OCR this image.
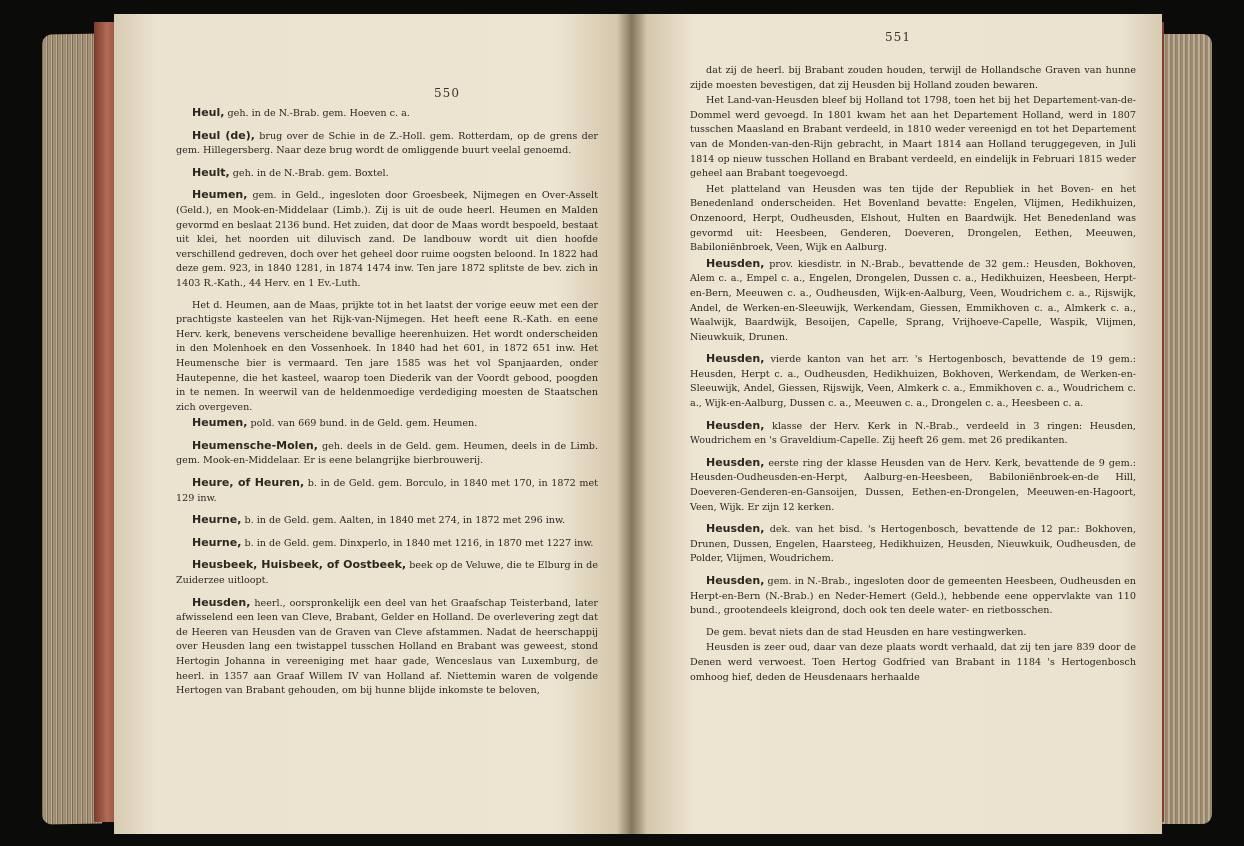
550

Heul, geh. in de N.-Brab. gem. Hoeven c. a.

Heul (de), brug over de Schie in de Z.-Holl. gem. Rotterdam, op de grens der gem. Hillegersberg. Naar deze brug wordt de omliggende buurt veelal genoemd.

Heult, geh. in de N.-Brab. gem. Boxtel.

Heumen, gem. in Geld., ingesloten door Groesbeek, Nijmegen en Over-Asselt (Geld.), en Mook-en-Middelaar (Limb.). Zij is uit de oude heerl. Heumen en Malden gevormd en beslaat 2136 bund. Het zuiden, dat door de Maas wordt bespoeld, bestaat uit klei, het noorden uit diluvisch zand. De landbouw wordt uit dien hoofde verschillend gedreven, doch over het geheel door ruime oogsten beloond. In 1822 had deze gem. 923, in 1840 1281, in 1874 1474 inw. Ten jare 1872 splitste de bev. zich in 1403 R.-Kath., 44 Herv. en 1 Ev.-Luth.

Het d. Heumen, aan de Maas, prijkte tot in het laatst der vorige eeuw met een der prachtigste kasteelen van het Rijk-van-Nijmegen. Het heeft eene R.-Kath. en eene Herv. kerk, benevens verscheidene bevallige heerenhuizen. Het wordt onderscheiden in den Molenhoek en den Vossenhoek. In 1840 had het 601, in 1872 651 inw. Het Heumensche bier is vermaard. Ten jare 1585 was het vol Spanjaarden, onder Hautepenne, die het kasteel, waarop toen Diederik van der Voordt gebood, poogden in te nemen. In weerwil van de heldenmoedige verdediging moesten de Staatschen zich overgeven.

Heumen, pold. van 669 bund. in de Geld. gem. Heumen.

Heumensche-Molen, geh. deels in de Geld. gem. Heumen, deels in de Limb. gem. Mook-en-Middelaar. Er is eene belangrijke bierbrouwerij.

Heure, of Heuren, b. in de Geld. gem. Borculo, in 1840 met 170, in 1872 met 129 inw.

Heurne, b. in de Geld. gem. Aalten, in 1840 met 274, in 1872 met 296 inw.

Heurne, b. in de Geld. gem. Dinxperlo, in 1840 met 1216, in 1870 met 1227 inw.

Heusbeek, Huisbeek, of Oostbeek, beek op de Veluwe, die te Elburg in de Zuiderzee uitloopt.

Heusden, heerl., oorspronkelijk een deel van het Graafschap Teisterband, later afwisselend een leen van Cleve, Brabant, Gelder en Holland. De overlevering zegt dat de Heeren van Heusden van de Graven van Cleve afstammen. Nadat de heerschappij over Heusden lang een twistappel tusschen Holland en Brabant was geweest, stond Hertogin Johanna in vereeniging met haar gade, Wenceslaus van Luxemburg, de heerl. in 1357 aan Graaf Willem IV van Holland af. Niettemin waren de volgende Hertogen van Brabant gehouden, om bij hunne blijde inkomste te beloven,

551

dat zij de heerl. bij Brabant zouden houden, terwijl de Hollandsche Graven van hunne zijde moesten bevestigen, dat zij Heusden bij Holland zouden bewaren.

Het Land-van-Heusden bleef bij Holland tot 1798, toen het bij het Departement-van-de-Dommel werd gevoegd. In 1801 kwam het aan het Departement Holland, werd in 1807 tusschen Maasland en Brabant verdeeld, in 1810 weder vereenigd en tot het Departement van de Monden-van-den-Rijn gebracht, in Maart 1814 aan Holland teruggegeven, in Juli 1814 op nieuw tusschen Holland en Brabant verdeeld, en eindelijk in Februari 1815 weder geheel aan Brabant toegevoegd.

Het platteland van Heusden was ten tijde der Republiek in het Boven- en het Benedenland onderscheiden. Het Bovenland bevatte: Engelen, Vlijmen, Hedikhuizen, Onzenoord, Herpt, Oudheusden, Elshout, Hulten en Baardwijk. Het Benedenland was gevormd uit: Heesbeen, Genderen, Doeveren, Drongelen, Eethen, Meeuwen, Babiloniënbroek, Veen, Wijk en Aalburg.

Heusden, prov. kiesdistr. in N.-Brab., bevattende de 32 gem.: Heusden, Bokhoven, Alem c. a., Empel c. a., Engelen, Drongelen, Dussen c. a., Hedikhuizen, Heesbeen, Herpt-en-Bern, Meeuwen c. a., Oudheusden, Wijk-en-Aalburg, Veen, Woudrichem c. a., Rijswijk, Andel, de Werken-en-Sleeuwijk, Werkendam, Giessen, Emmikhoven c. a., Almkerk c. a., Waalwijk, Baardwijk, Besoijen, Capelle, Sprang, Vrijhoeve-Capelle, Waspik, Vlijmen, Nieuwkuik, Drunen.

Heusden, vierde kanton van het arr. 's Hertogenbosch, bevattende de 19 gem.: Heusden, Herpt c. a., Oudheusden, Hedikhuizen, Bokhoven, Werkendam, de Werken-en-Sleeuwijk, Andel, Giessen, Rijswijk, Veen, Almkerk c. a., Emmikhoven c. a., Woudrichem c. a., Wijk-en-Aalburg, Dussen c. a., Meeuwen c. a., Drongelen c. a., Heesbeen c. a.

Heusden, klasse der Herv. Kerk in N.-Brab., verdeeld in 3 ringen: Heusden, Woudrichem en 's Graveldium-Capelle. Zij heeft 26 gem. met 26 predikanten.

Heusden, eerste ring der klasse Heusden van de Herv. Kerk, bevattende de 9 gem.: Heusden-Oudheusden-en-Herpt, Aalburg-en-Heesbeen, Babiloniënbroek-en-de Hill, Doeveren-Genderen-en-Gansoijen, Dussen, Eethen-en-Drongelen, Meeuwen-en-Hagoort, Veen, Wijk. Er zijn 12 kerken.

Heusden, dek. van het bisd. 's Hertogenbosch, bevattende de 12 par.: Bokhoven, Drunen, Dussen, Engelen, Haarsteeg, Hedikhuizen, Heusden, Nieuwkuik, Oudheusden, de Polder, Vlijmen, Woudrichem.

Heusden, gem. in N.-Brab., ingesloten door de gemeenten Heesbeen, Oudheusden en Herpt-en-Bern (N.-Brab.) en Neder-Hemert (Geld.), hebbende eene oppervlakte van 110 bund., grootendeels kleigrond, doch ook ten deele water- en rietbosschen.

De gem. bevat niets dan de stad Heusden en hare vestingwerken.

Heusden is zeer oud, daar van deze plaats wordt verhaald, dat zij ten jare 839 door de Denen werd verwoest. Toen Hertog Godfried van Brabant in 1184 's Hertogenbosch omhoog hief, deden de Heusdenaars herhaalde
